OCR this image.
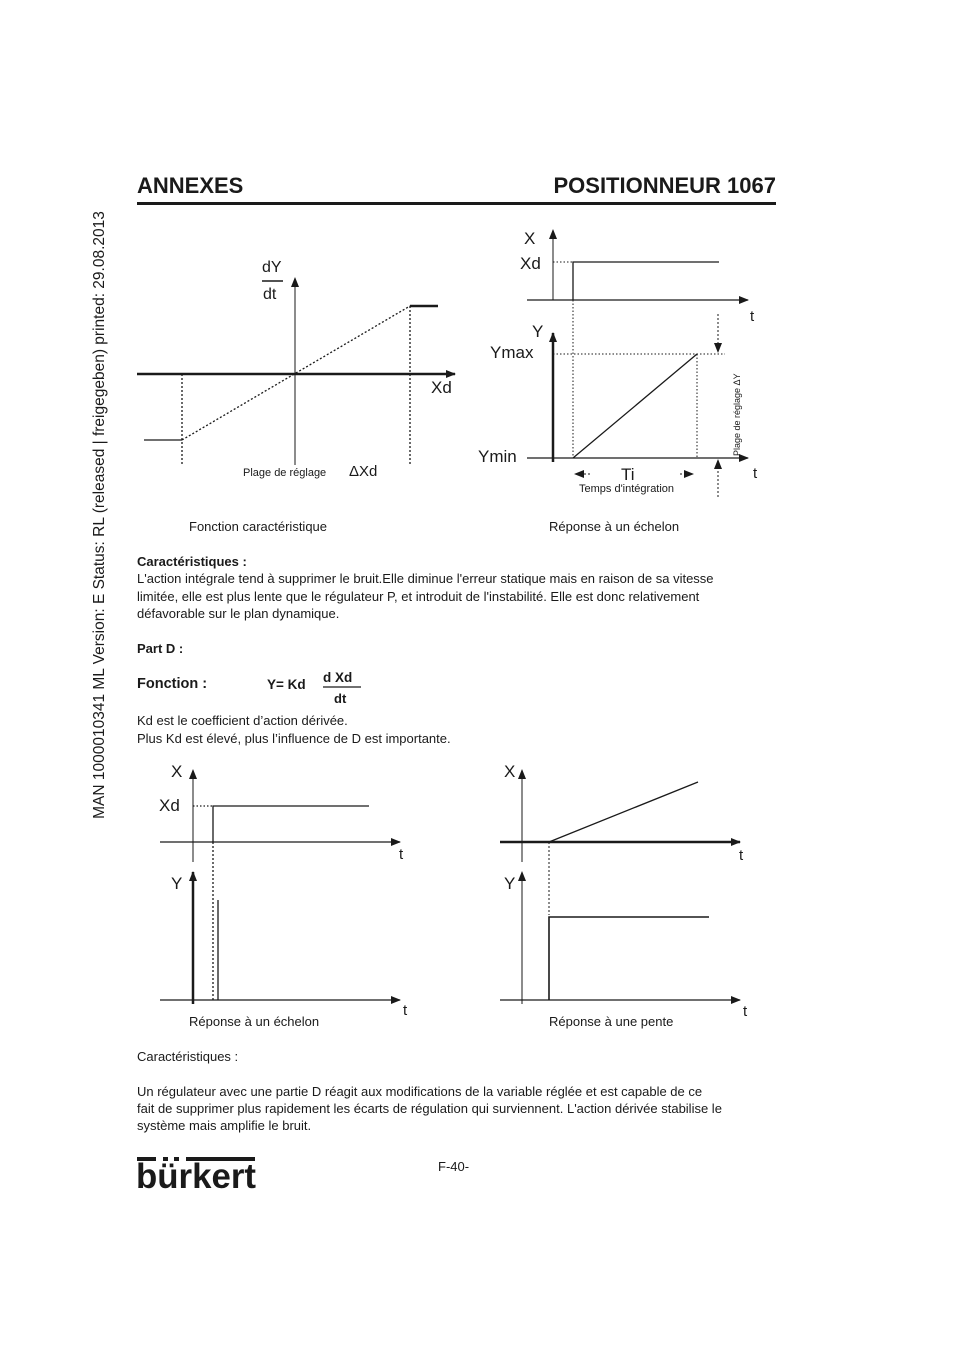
MAN 1000010341 ML Version: E Status: RL (released | freigegeben) printed: 29.08.2013
ANNEXES	POSITIONNEUR 1067
dY
dt
Xd
Plage de réglage ΔXd
Fonction caractéristique
X
Xd
t
Y
Ymax
Ymin
t
Ti
Temps d'intégration
Plage de réglage ΔY
Réponse à un échelon
X
Xd
t
Y
t
Réponse à un échelon
X
t
Y
t
Réponse à une pente
bürkert
Caractéristiques :
L'action intégrale tend à supprimer le bruit.Elle diminue l'erreur statique mais en raison de sa vitesse
limitée, elle est plus lente que le régulateur P, et introduit de l'instabilité. Elle est donc relativement
défavorable sur le plan dynamique.
Part D :
Fonction :	Y= Kd d Xd
dt
Kd est le coefficient d’action dérivée.
Plus Kd est élevé, plus l’influence de D est importante.
Caractéristiques :
Un régulateur avec une partie D réagit aux modifications de la variable réglée et est capable de ce
fait de supprimer plus rapidement les écarts de régulation qui surviennent. L'action dérivée stabilise le
système mais amplifie le bruit.
F-40-
